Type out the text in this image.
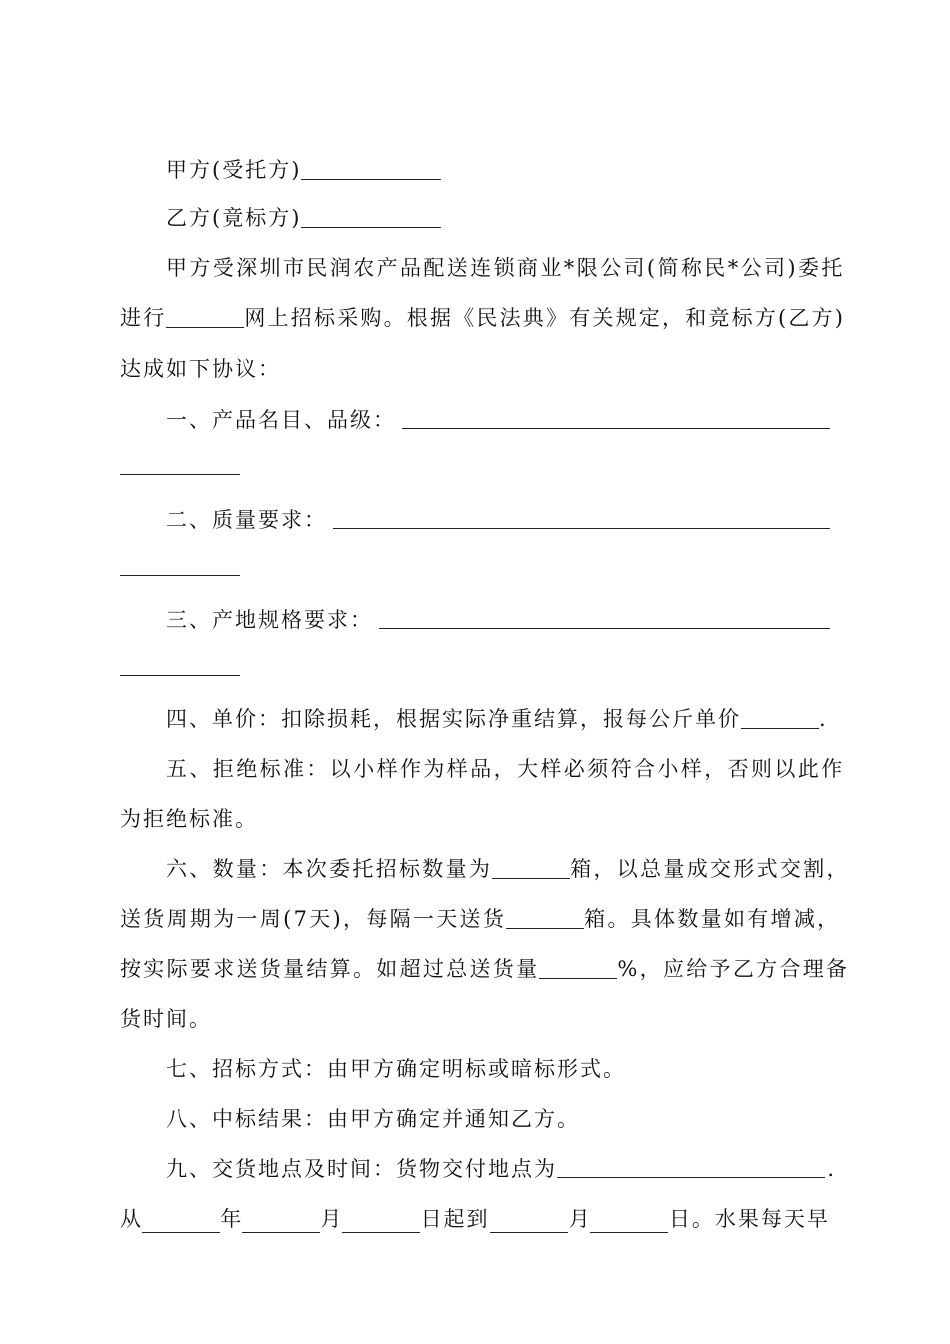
甲方(受托方)
乙方(竟标方)
甲方受深圳市民润农产品配送连锁商业*限公司(简称民*公司)委托
进行	网上招标采购。根据《民法典》有关规定，和竞标方(乙方)
达成如下协议：
一、产品名目、品级：
二、质量要求：
三、产地规格要求：
四、单价：扣除损耗，根据实际净重结算，报每公斤单价	.
五、拒绝标准：以小样作为样品，大样必须符合小样，否则以此作
为拒绝标准。
六、数量：本次委托招标数量为	箱，以总量成交形式交割，
送货周期为一周(7天)，每隔一天送货	箱。具体数量如有增减，
按实际要求送货量结算。如超过总送货量	%，应给予乙方合理备
货时间。
七、招标方式：由甲方确定明标或暗标形式。
八、中标结果：由甲方确定并通知乙方。
九、交货地点及时间：货物交付地点为	.
从	年	月	日起到	月	日。水果每天早
